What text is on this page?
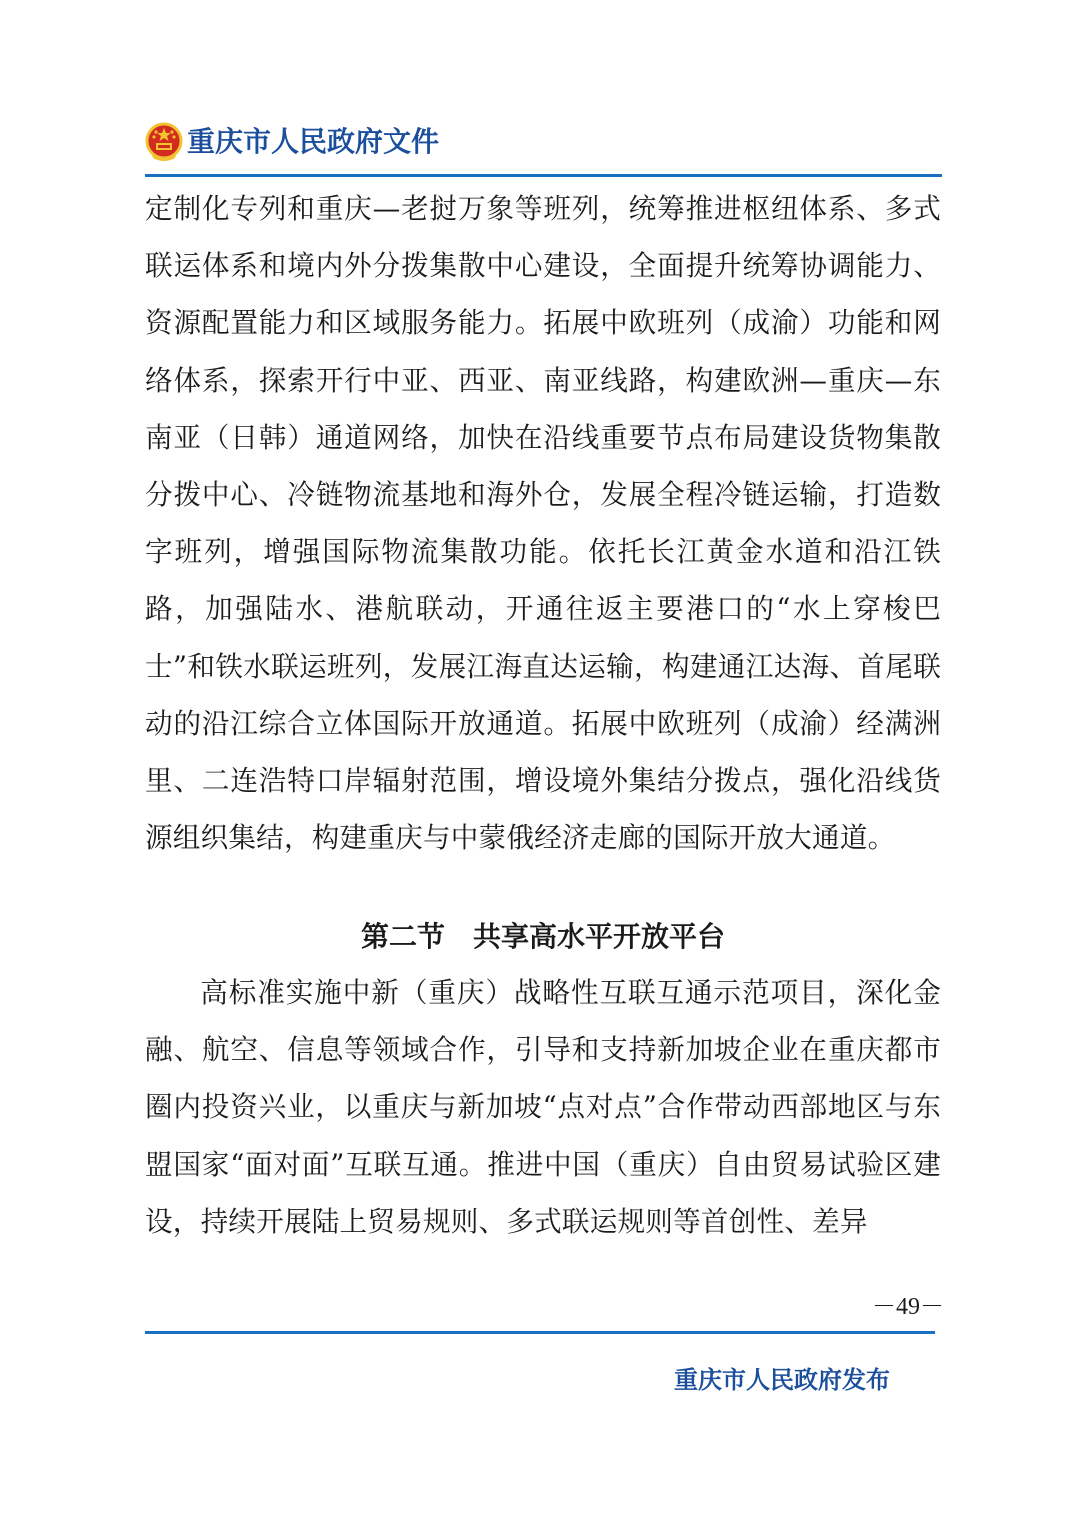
重庆市人民政府文件
定制化专列和重庆—老挝万象等班列，统筹推进枢纽体系、多式联运体系和境内外分拨集散中心建设，全面提升统筹协调能力、资源配置能力和区域服务能力。拓展中欧班列（成渝）功能和网络体系，探索开行中亚、西亚、南亚线路，构建欧洲—重庆—东南亚（日韩）通道网络，加快在沿线重要节点布局建设货物集散分拨中心、冷链物流基地和海外仓，发展全程冷链运输，打造数字班列，增强国际物流集散功能。依托长江黄金水道和沿江铁路，加强陆水、港航联动，开通往返主要港口的“水上穿梭巴士”和铁水联运班列，发展江海直达运输，构建通江达海、首尾联动的沿江综合立体国际开放通道。拓展中欧班列（成渝）经满洲里、二连浩特口岸辐射范围，增设境外集结分拨点，强化沿线货源组织集结，构建重庆与中蒙俄经济走廊的国际开放大通道。
第二节　共享高水平开放平台
高标准实施中新（重庆）战略性互联互通示范项目，深化金融、航空、信息等领域合作，引导和支持新加坡企业在重庆都市圈内投资兴业，以重庆与新加坡“点对点”合作带动西部地区与东盟国家“面对面”互联互通。推进中国（重庆）自由贸易试验区建设，持续开展陆上贸易规则、多式联运规则等首创性、差异
－49－
重庆市人民政府发布
